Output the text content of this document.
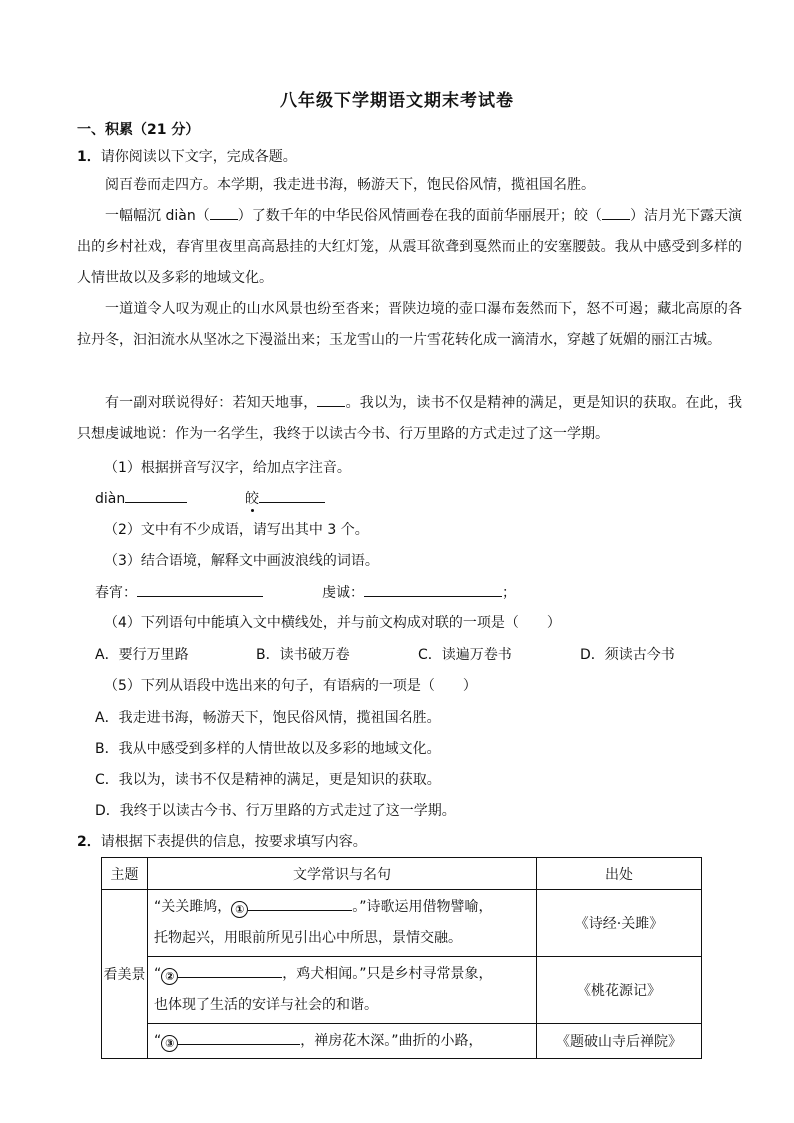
八年级下学期语文期末考试卷
一、积累（21 分）
1．请你阅读以下文字，完成各题。
阅百卷而走四方。本学期，我走进书海，畅游天下，饱民俗风情，揽祖国名胜。
一幅幅沉 diàn（ ）了数千年的中华民俗风情画卷在我的面前华丽展开；皎（ ）洁月光下露天演出的乡村社戏，春宵里夜里高高悬挂的大红灯笼，从震耳欲聋到戛然而止的安塞腰鼓。我从中感受到多样的人情世故以及多彩的地域文化。
一道道令人叹为观止的山水风景也纷至沓来；晋陕边境的壶口瀑布轰然而下，怒不可遏；藏北高原的各拉丹冬，汩汩流水从坚冰之下漫溢出来；玉龙雪山的一片雪花转化成一滴清水，穿越了妩媚的丽江古城。
有一副对联说得好：若知天地事， 。我以为，读书不仅是精神的满足，更是知识的获取。在此，我只想虔诚地说：作为一名学生，我终于以读古今书、行万里路的方式走过了这一学期。
（1）根据拼音写汉字，给加点字注音。
diàn	皎
（2）文中有不少成语，请写出其中 3 个。
（3）结合语境，解释文中画波浪线的词语。
春宵：	虔诚：	；
（4）下列语句中能填入文中横线处，并与前文构成对联的一项是（　　）
A．要行万里路	B．读书破万卷	C．读遍万卷书	D．须读古今书
（5）下列从语段中选出来的句子，有语病的一项是（　　）
A．我走进书海，畅游天下，饱民俗风情，揽祖国名胜。
B．我从中感受到多样的人情世故以及多彩的地域文化。
C．我以为，读书不仅是精神的满足，更是知识的获取。
D．我终于以读古今书、行万里路的方式走过了这一学期。
2．请根据下表提供的信息，按要求填写内容。
主题	文学常识与名句	出处
看美景	“关关雎鸠， ① 。”诗歌运用借物譬喻，
托物起兴，用眼前所见引出心中所思，景情交融。	《诗经·关雎》

	“ ② ，鸡犬相闻。”只是乡村寻常景象，
也体现了生活的安详与社会的和谐。	《桃花源记》

	“ ③ ，禅房花木深。”曲折的小路，	《题破山寺后禅院》
